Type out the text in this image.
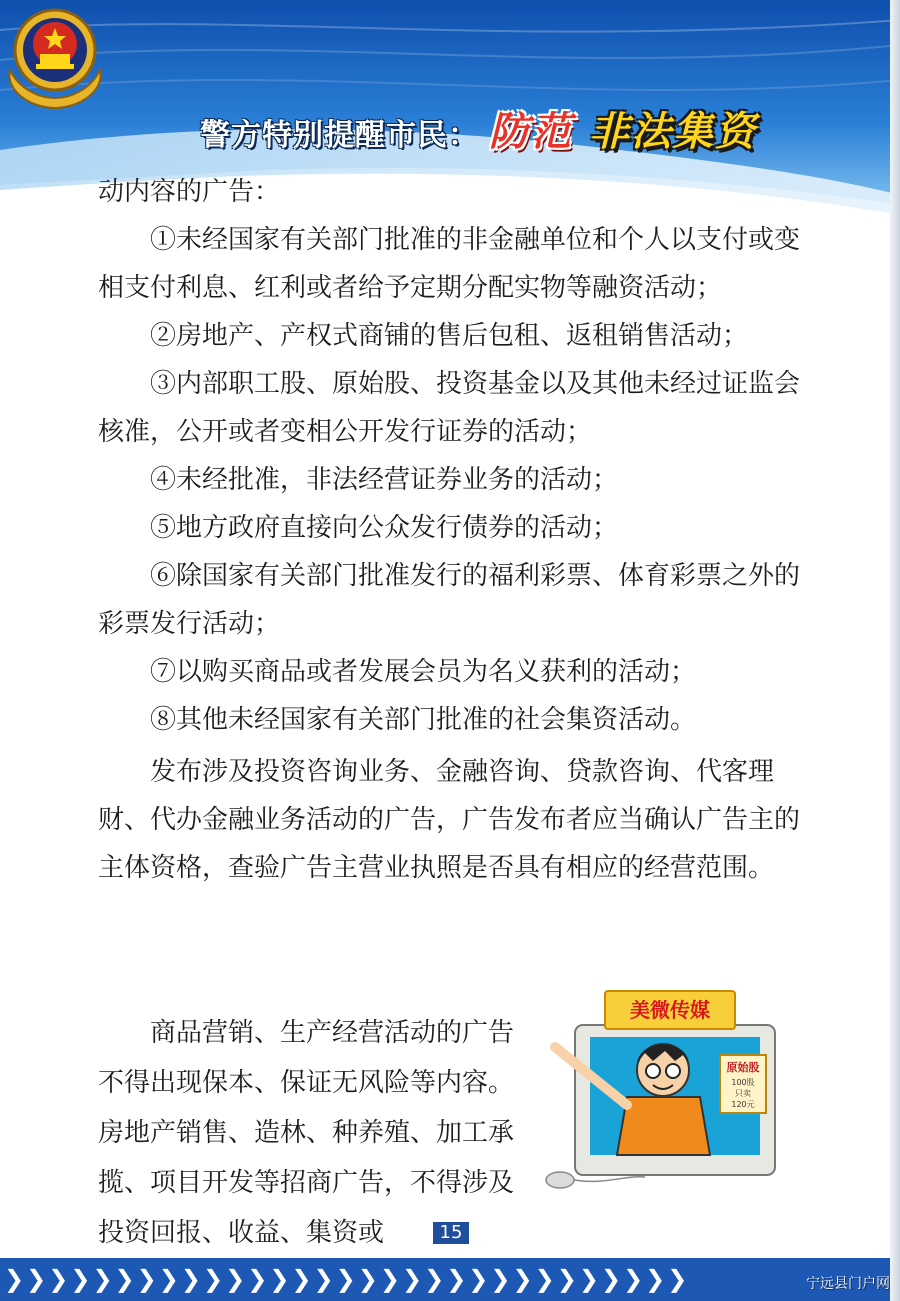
警方特别提醒市民： 防范 非法集资

动内容的广告：

①未经国家有关部门批准的非金融单位和个人以支付或变相支付利息、红利或者给予定期分配实物等融资活动；

②房地产、产权式商铺的售后包租、返租销售活动；

③内部职工股、原始股、投资基金以及其他未经过证监会核准，公开或者变相公开发行证券的活动；

④未经批准，非法经营证券业务的活动；

⑤地方政府直接向公众发行债券的活动；

⑥除国家有关部门批准发行的福利彩票、体育彩票之外的彩票发行活动；

⑦以购买商品或者发展会员为名义获利的活动；

⑧其他未经国家有关部门批准的社会集资活动。

发布涉及投资咨询业务、金融咨询、贷款咨询、代客理财、代办金融业务活动的广告，广告发布者应当确认广告主的主体资格，查验广告主营业执照是否具有相应的经营范围。

商品营销、生产经营活动的广告不得出现保本、保证无风险等内容。房地产销售、造林、种养殖、加工承揽、项目开发等招商广告，不得涉及投资回报、收益、集资或

美微传媒
原始股
100股
只卖
120元
15
❯ ❯ ❯ ❯ ❯ ❯ ❯ ❯ ❯ ❯ ❯ ❯ ❯ ❯ ❯ ❯ ❯ ❯ ❯ ❯ ❯ ❯ ❯ ❯ ❯ ❯ ❯ ❯ ❯ ❯ ❯	宁远县门户网
